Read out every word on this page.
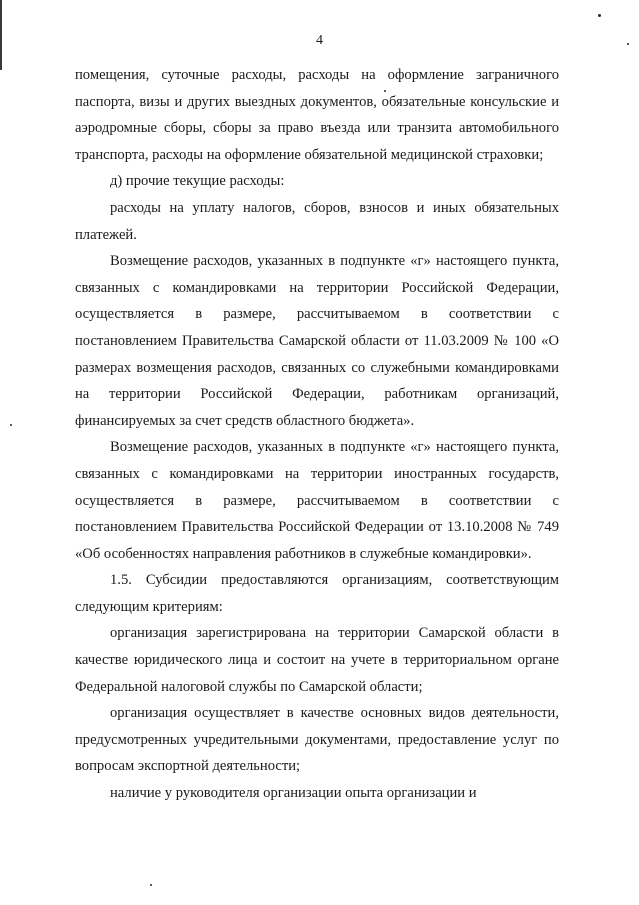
4

помещения, суточные расходы, расходы на оформление заграничного паспорта, визы и других выездных документов, обязательные консульские и аэродромные сборы, сборы за право въезда или транзита автомобильного транспорта, расходы на оформление обязательной медицинской страховки;

д) прочие текущие расходы:

расходы на уплату налогов, сборов, взносов и иных обязательных платежей.

Возмещение расходов, указанных в подпункте «г» настоящего пункта, связанных с командировками на территории Российской Федерации, осуществляется в размере, рассчитываемом в соответствии с постановлением Правительства Самарской области от 11.03.2009 № 100 «О размерах возмещения расходов, связанных со служебными командировками на территории Российской Федерации, работникам организаций, финансируемых за счет средств областного бюджета».

Возмещение расходов, указанных в подпункте «г» настоящего пункта, связанных с командировками на территории иностранных государств, осуществляется в размере, рассчитываемом в соответствии с постановлением Правительства Российской Федерации от 13.10.2008 № 749 «Об особенностях направления работников в служебные командировки».

1.5. Субсидии предоставляются организациям, соответствующим следующим критериям:

организация зарегистрирована на территории Самарской области в качестве юридического лица и состоит на учете в территориальном органе Федеральной налоговой службы по Самарской области;

организация осуществляет в качестве основных видов деятельности, предусмотренных учредительными документами, предоставление услуг по вопросам экспортной деятельности;

наличие у руководителя организации опыта организации и
